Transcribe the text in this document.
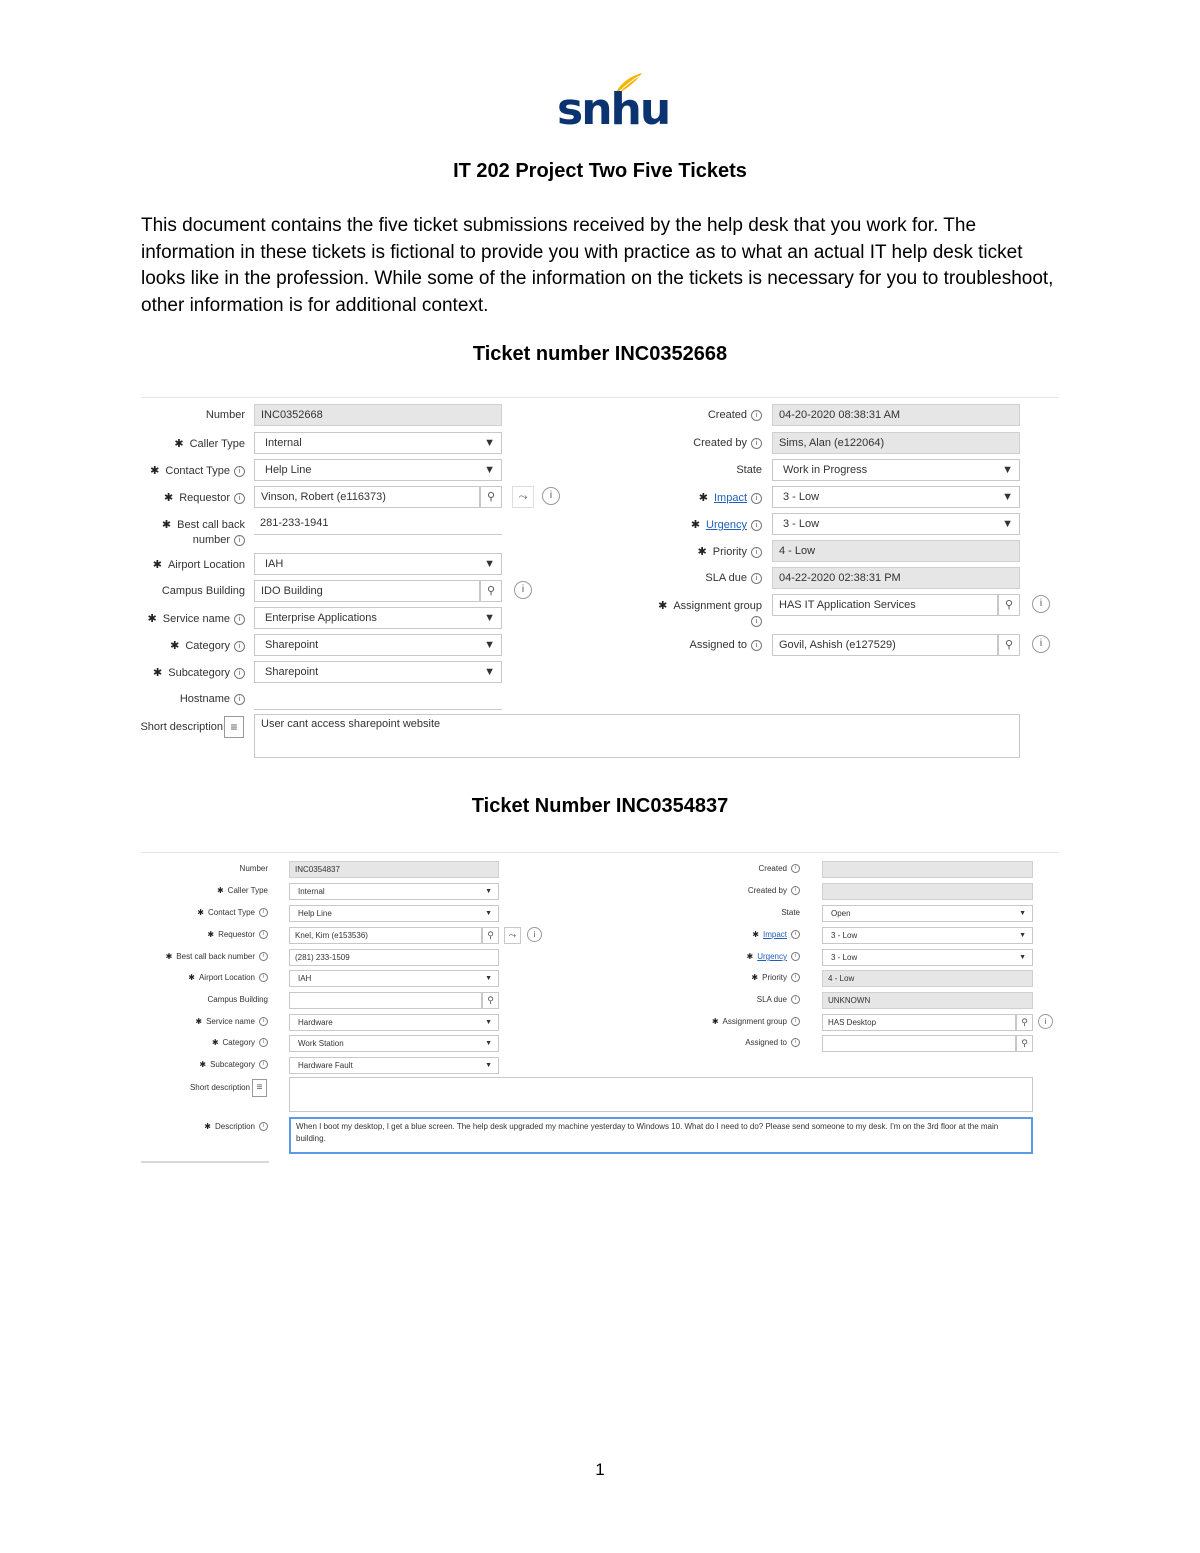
snhu
IT 202 Project Two Five Tickets
This document contains the five ticket submissions received by the help desk that you work for. The information in these tickets is fictional to provide you with practice as to what an actual IT help desk ticket looks like in the profession. While some of the information on the tickets is necessary for you to troubleshoot, other information is for additional context.
Ticket number INC0352668
Number	INC0352668
✱ Caller Type	Internal	▼
✱ Contact Type i	Help Line	▼
✱ Requestor i	Vinson, Robert (e116373)	⚲	⤳	i
✱ Best call back
number i
281-233-1941
✱ Airport Location	IAH	▼
Campus Building	IDO Building	⚲	i
✱ Service name i	Enterprise Applications	▼
✱ Category i	Sharepoint	▼
✱ Subcategory i	Sharepoint	▼
Hostname i
Short description ≡	User cant access sharepoint website
Created i	04-20-2020 08:38:31 AM
Created by i	Sims, Alan (e122064)
State	Work in Progress	▼
✱ Impact i	3 - Low	▼
✱ Urgency i	3 - Low	▼
✱ Priority i	4 - Low
SLA due i	04-22-2020 02:38:31 PM
✱ Assignment group
i
HAS IT Application Services	⚲	i
Assigned to i	Govil, Ashish (e127529)	⚲	i
Ticket Number INC0354837
Number	INC0354837
✱ Caller Type	Internal	▼
✱ Contact Type i	Help Line	▼
✱ Requestor i	Knel, Kim (e153536)	⚲	⤳	i
✱ Best call back number i	(281) 233-1509
✱ Airport Location i	IAH	▼
Campus Building	⚲
✱ Service name i	Hardware	▼
✱ Category i	Work Station	▼
✱ Subcategory i	Hardware Fault	▼
Short description ≡
✱ Description i	When I boot my desktop, I get a blue screen. The help desk upgraded my machine yesterday to Windows 10. What do I need to do? Please send someone to my desk. I'm on the 3rd floor at the main building.
Created i
Created by i
State	Open	▼
✱ Impact i	3 - Low	▼
✱ Urgency i	3 - Low	▼
✱ Priority i	4 - Low
SLA due i	UNKNOWN
✱ Assignment group i	HAS Desktop	⚲	i
Assigned to i	⚲
1
